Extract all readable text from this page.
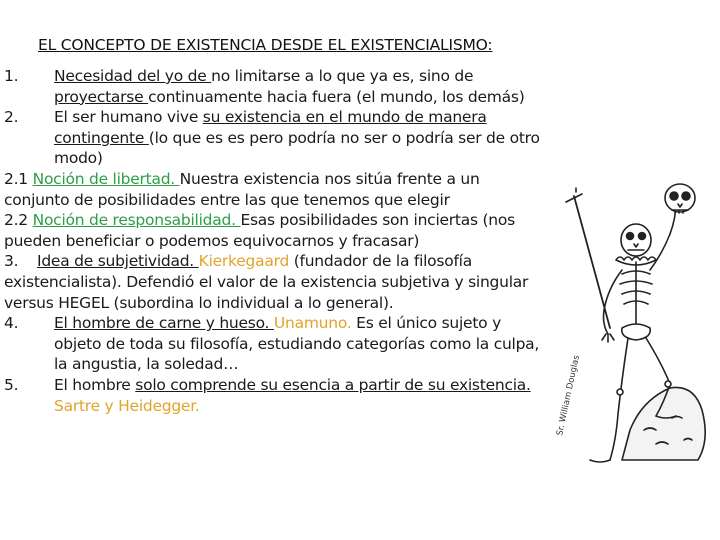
EL CONCEPTO DE EXISTENCIA DESDE EL EXISTENCIALISMO:
1.	Necesidad del yo de no limitarse a lo que ya es, sino de proyectarse continuamente hacia fuera (el mundo, los demás)
2.	El ser humano vive su existencia en el mundo de manera contingente (lo que es es pero podría no ser o podría ser de otro modo)
2.1 Noción de libertad. Nuestra existencia nos sitúa frente a un conjunto de posibilidades entre las que tenemos que elegir
2.2 Noción de responsabilidad. Esas posibilidades son inciertas (nos pueden beneficiar o podemos equivocarnos y fracasar)
3. Idea de subjetividad. Kierkegaard (fundador de la filosofía existencialista). Defendió el valor de la existencia subjetiva y singular versus HEGEL (subordina lo individual a lo general).
4.	El hombre de carne y hueso. Unamuno. Es el único sujeto y objeto de toda su filosofía, estudiando categorías como la culpa, la angustia, la soledad…
5.	El hombre solo comprende su esencia a partir de su existencia. Sartre y Heidegger.	Sr. William Douglas
